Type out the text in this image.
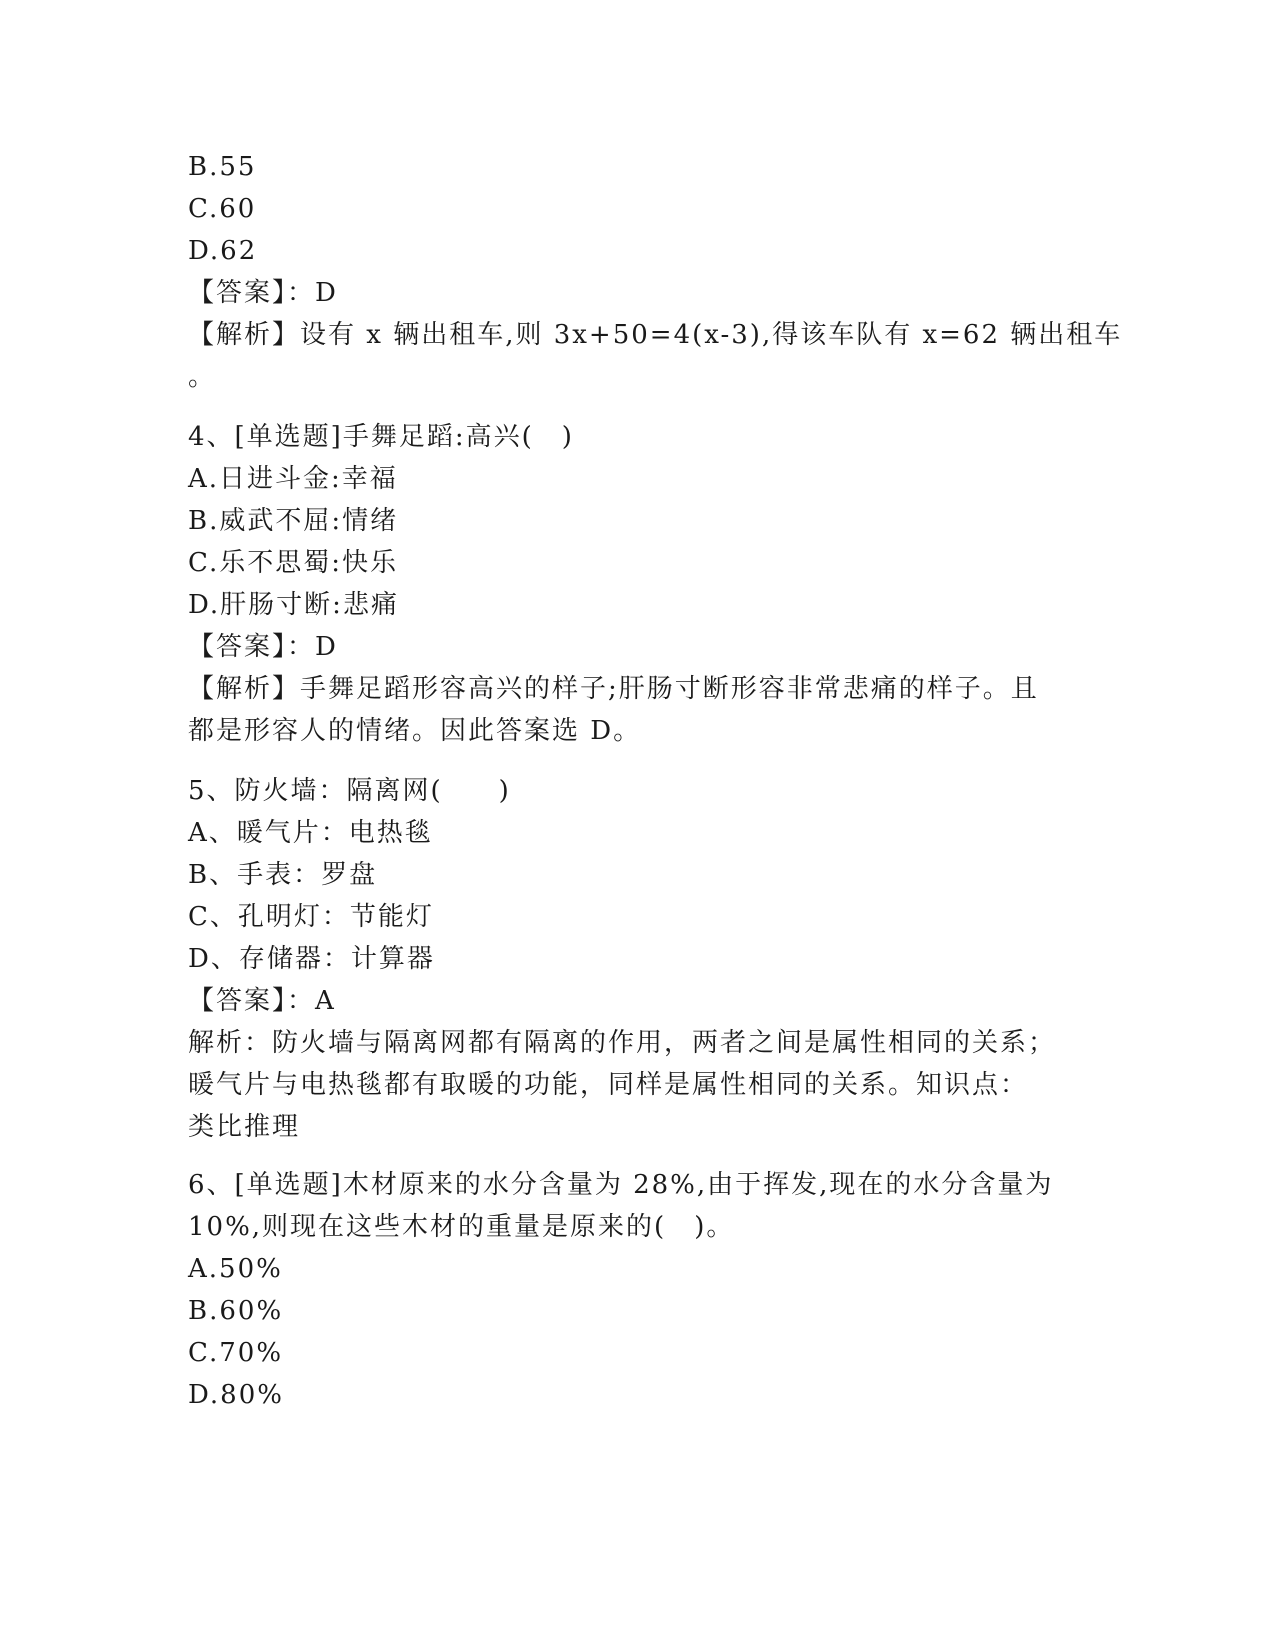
B.55
C.60
D.62
【答案】：D
【解析】设有 x 辆出租车,则 3x+50=4(x-3),得该车队有 x=62 辆出租车
。
4、[单选题]手舞足蹈:高兴(　)
A.日进斗金:幸福
B.威武不屈:情绪
C.乐不思蜀:快乐
D.肝肠寸断:悲痛
【答案】：D
【解析】手舞足蹈形容高兴的样子;肝肠寸断形容非常悲痛的样子。且
都是形容人的情绪。因此答案选 D。
5、防火墙：隔离网(　　)
A、暖气片：电热毯
B、手表：罗盘
C、孔明灯：节能灯
D、存储器：计算器
【答案】：A
解析：防火墙与隔离网都有隔离的作用，两者之间是属性相同的关系；
暖气片与电热毯都有取暖的功能，同样是属性相同的关系。知识点：
类比推理
6、[单选题]木材原来的水分含量为 28%,由于挥发,现在的水分含量为
10%,则现在这些木材的重量是原来的(　)。
A.50%
B.60%
C.70%
D.80%
